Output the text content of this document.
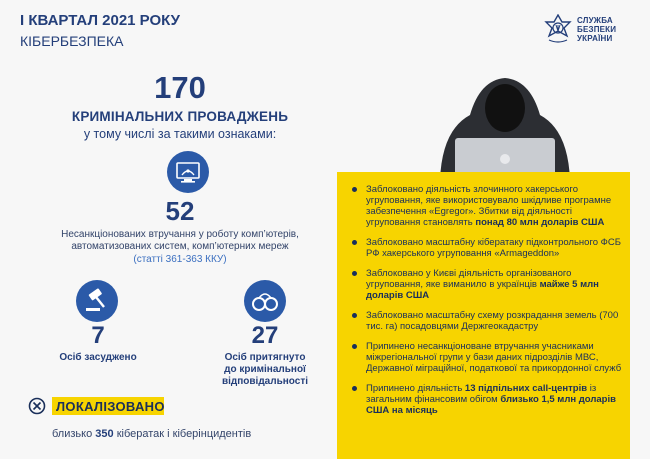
I КВАРТАЛ 2021 РОКУ
КІБЕРБЕЗПЕКА
СЛУЖБА
БЕЗПЕКИ
УКРАЇНИ
170
КРИМІНАЛЬНИХ ПРОВАДЖЕНЬ
у тому числі за такими ознаками:
52
Несанкціонованих втручання у роботу комп’ютерів,
автоматизованих систем, комп’ютерних мереж
(статті 361-363 ККУ)
7
Осіб засуджено
27
Осіб притягнуто
до кримінальної
відповідальності
ЛОКАЛІЗОВАНО
близько 350 кібератак і кіберінцидентів
Заблоковано діяльність злочинного хакерського угруповання, яке використовувало шкідливе програмне забезпечення «Egregor». Збитки від діяльності угруповання становлять понад 80 млн доларів США
Заблоковано масштабну кібератаку підконтрольного ФСБ РФ хакерського угруповання «Armageddon»
Заблоковано у Києві діяльність організованого угруповання, яке виманило в українців майже 5 млн доларів США
Заблоковано масштабну схему розкрадання земель (700 тис. га) посадовцями Держгеокадастру
Припинено несанкціоноване втручання учасниками міжрегіональної групи у бази даних підрозділів МВС, Державної міграційної, податкової та прикордонної служб
Припинено діяльність 13 підпільних call-центрів із загальним фінансовим обігом близько 1,5 млн доларів США на місяць
